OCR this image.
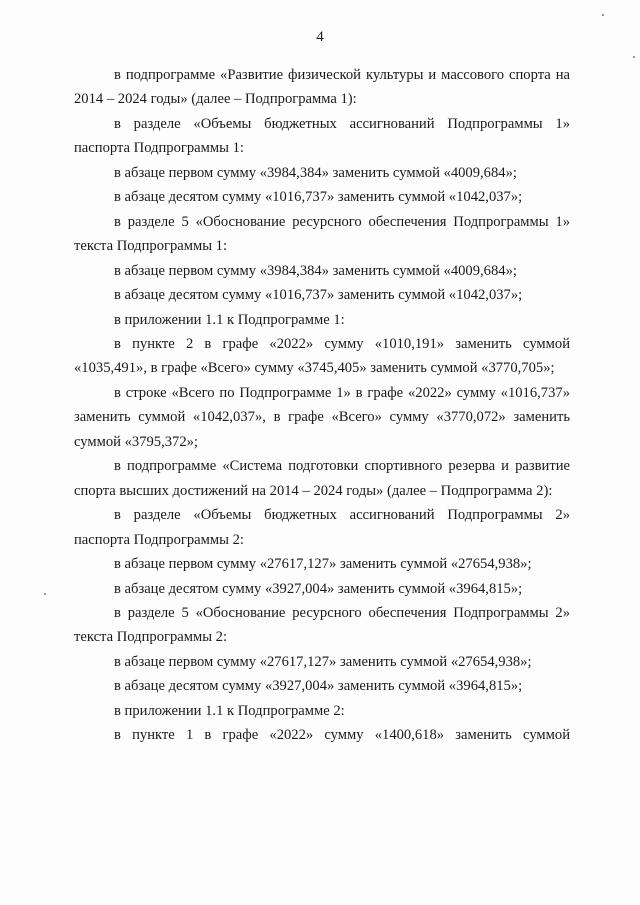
4

в подпрограмме «Развитие физической культуры и массового спорта на 2014 – 2024 годы» (далее – Подпрограмма 1):

в разделе «Объемы бюджетных ассигнований Подпрограммы 1» паспорта Подпрограммы 1:

в абзаце первом сумму «3984,384» заменить суммой «4009,684»;

в абзаце десятом сумму «1016,737» заменить суммой «1042,037»;

в разделе 5 «Обоснование ресурсного обеспечения Подпрограммы 1» текста Подпрограммы 1:

в абзаце первом сумму «3984,384» заменить суммой «4009,684»;

в абзаце десятом сумму «1016,737» заменить суммой «1042,037»;

в приложении 1.1 к Подпрограмме 1:

в пункте 2 в графе «2022» сумму «1010,191» заменить суммой «1035,491», в графе «Всего» сумму «3745,405» заменить суммой «3770,705»;

в строке «Всего по Подпрограмме 1» в графе «2022» сумму «1016,737» заменить суммой «1042,037», в графе «Всего» сумму «3770,072» заменить суммой «3795,372»;

в подпрограмме «Система подготовки спортивного резерва и развитие спорта высших достижений на 2014 – 2024 годы» (далее – Подпрограмма 2):

в разделе «Объемы бюджетных ассигнований Подпрограммы 2» паспорта Подпрограммы 2:

в абзаце первом сумму «27617,127» заменить суммой «27654,938»;

в абзаце десятом сумму «3927,004» заменить суммой «3964,815»;

в разделе 5 «Обоснование ресурсного обеспечения Подпрограммы 2» текста Подпрограммы 2:

в абзаце первом сумму «27617,127» заменить суммой «27654,938»;

в абзаце десятом сумму «3927,004» заменить суммой «3964,815»;

в приложении 1.1 к Подпрограмме 2:

в пункте 1 в графе «2022» сумму «1400,618» заменить суммой
